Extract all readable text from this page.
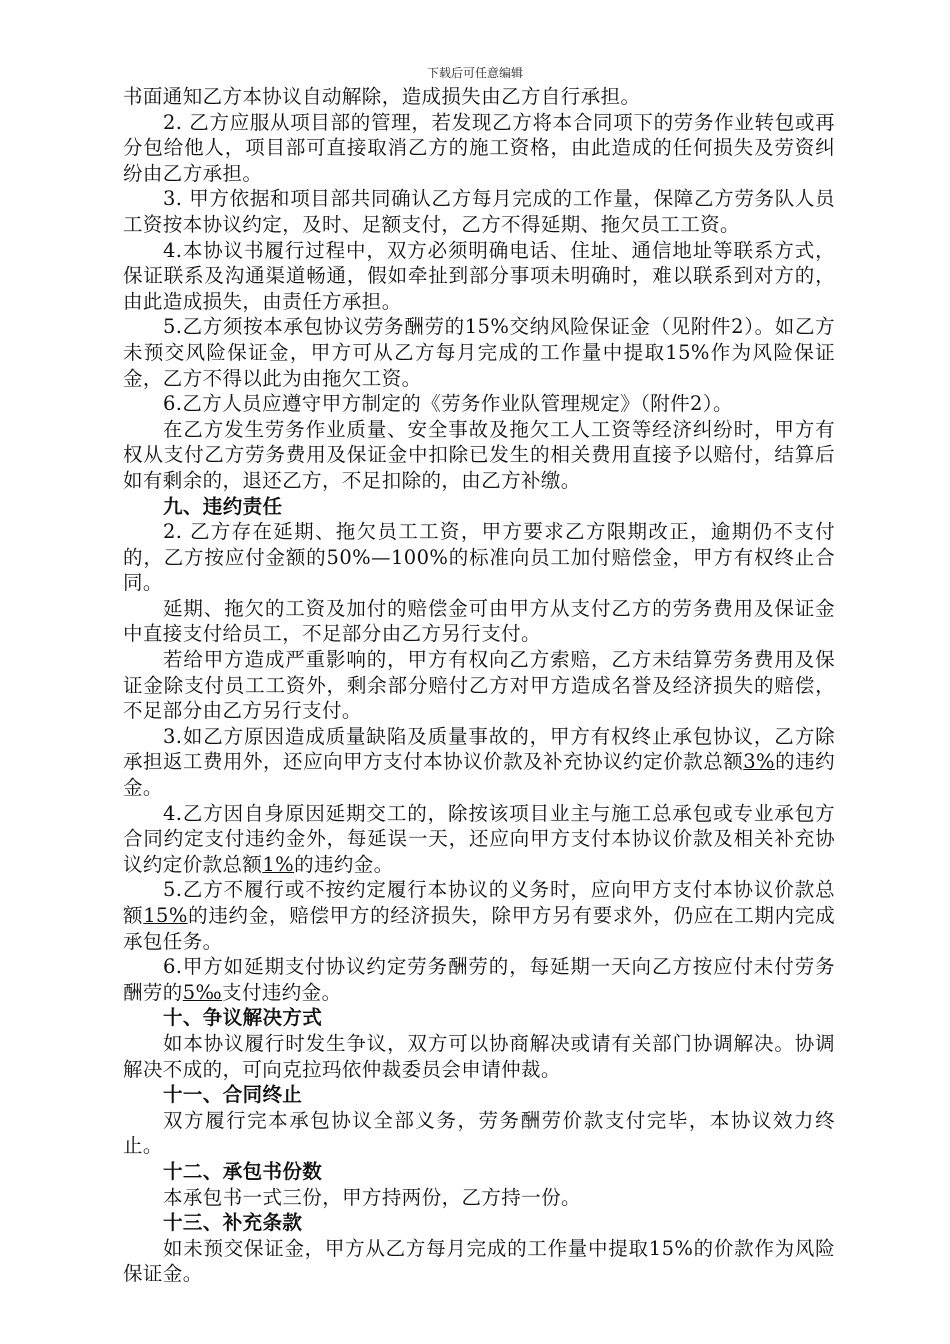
下载后可任意编辑

书面通知乙方本协议自动解除，造成损失由乙方自行承担。

2. 乙方应服从项目部的管理，若发现乙方将本合同项下的劳务作业转包或再分包给他人，项目部可直接取消乙方的施工资格，由此造成的任何损失及劳资纠纷由乙方承担。

3. 甲方依据和项目部共同确认乙方每月完成的工作量，保障乙方劳务队人员工资按本协议约定，及时、足额支付，乙方不得延期、拖欠员工工资。

4.本协议书履行过程中，双方必须明确电话、住址、通信地址等联系方式，保证联系及沟通渠道畅通，假如牵扯到部分事项未明确时，难以联系到对方的，由此造成损失，由责任方承担。

5.乙方须按本承包协议劳务酬劳的15%交纳风险保证金（见附件2）。如乙方未预交风险保证金，甲方可从乙方每月完成的工作量中提取15%作为风险保证金，乙方不得以此为由拖欠工资。

6.乙方人员应遵守甲方制定的《劳务作业队管理规定》（附件2）。

在乙方发生劳务作业质量、安全事故及拖欠工人工资等经济纠纷时，甲方有权从支付乙方劳务费用及保证金中扣除已发生的相关费用直接予以赔付，结算后如有剩余的，退还乙方，不足扣除的，由乙方补缴。

九、违约责任

2. 乙方存在延期、拖欠员工工资，甲方要求乙方限期改正，逾期仍不支付的，乙方按应付金额的50%—100%的标准向员工加付赔偿金，甲方有权终止合同。

延期、拖欠的工资及加付的赔偿金可由甲方从支付乙方的劳务费用及保证金中直接支付给员工，不足部分由乙方另行支付。

若给甲方造成严重影响的，甲方有权向乙方索赔，乙方未结算劳务费用及保证金除支付员工工资外，剩余部分赔付乙方对甲方造成名誉及经济损失的赔偿，不足部分由乙方另行支付。

3.如乙方原因造成质量缺陷及质量事故的，甲方有权终止承包协议，乙方除承担返工费用外，还应向甲方支付本协议价款及补充协议约定价款总额3%的违约金。

4.乙方因自身原因延期交工的，除按该项目业主与施工总承包或专业承包方合同约定支付违约金外，每延误一天，还应向甲方支付本协议价款及相关补充协议约定价款总额1%的违约金。

5.乙方不履行或不按约定履行本协议的义务时，应向甲方支付本协议价款总额15%的违约金，赔偿甲方的经济损失，除甲方另有要求外，仍应在工期内完成承包任务。

6.甲方如延期支付协议约定劳务酬劳的，每延期一天向乙方按应付未付劳务酬劳的5‰支付违约金。

十、争议解决方式

如本协议履行时发生争议，双方可以协商解决或请有关部门协调解决。协调解决不成的，可向克拉玛依仲裁委员会申请仲裁。

十一、合同终止

双方履行完本承包协议全部义务，劳务酬劳价款支付完毕，本协议效力终止。

十二、承包书份数

本承包书一式三份，甲方持两份，乙方持一份。

十三、补充条款

如未预交保证金，甲方从乙方每月完成的工作量中提取15%的价款作为风险保证金。
